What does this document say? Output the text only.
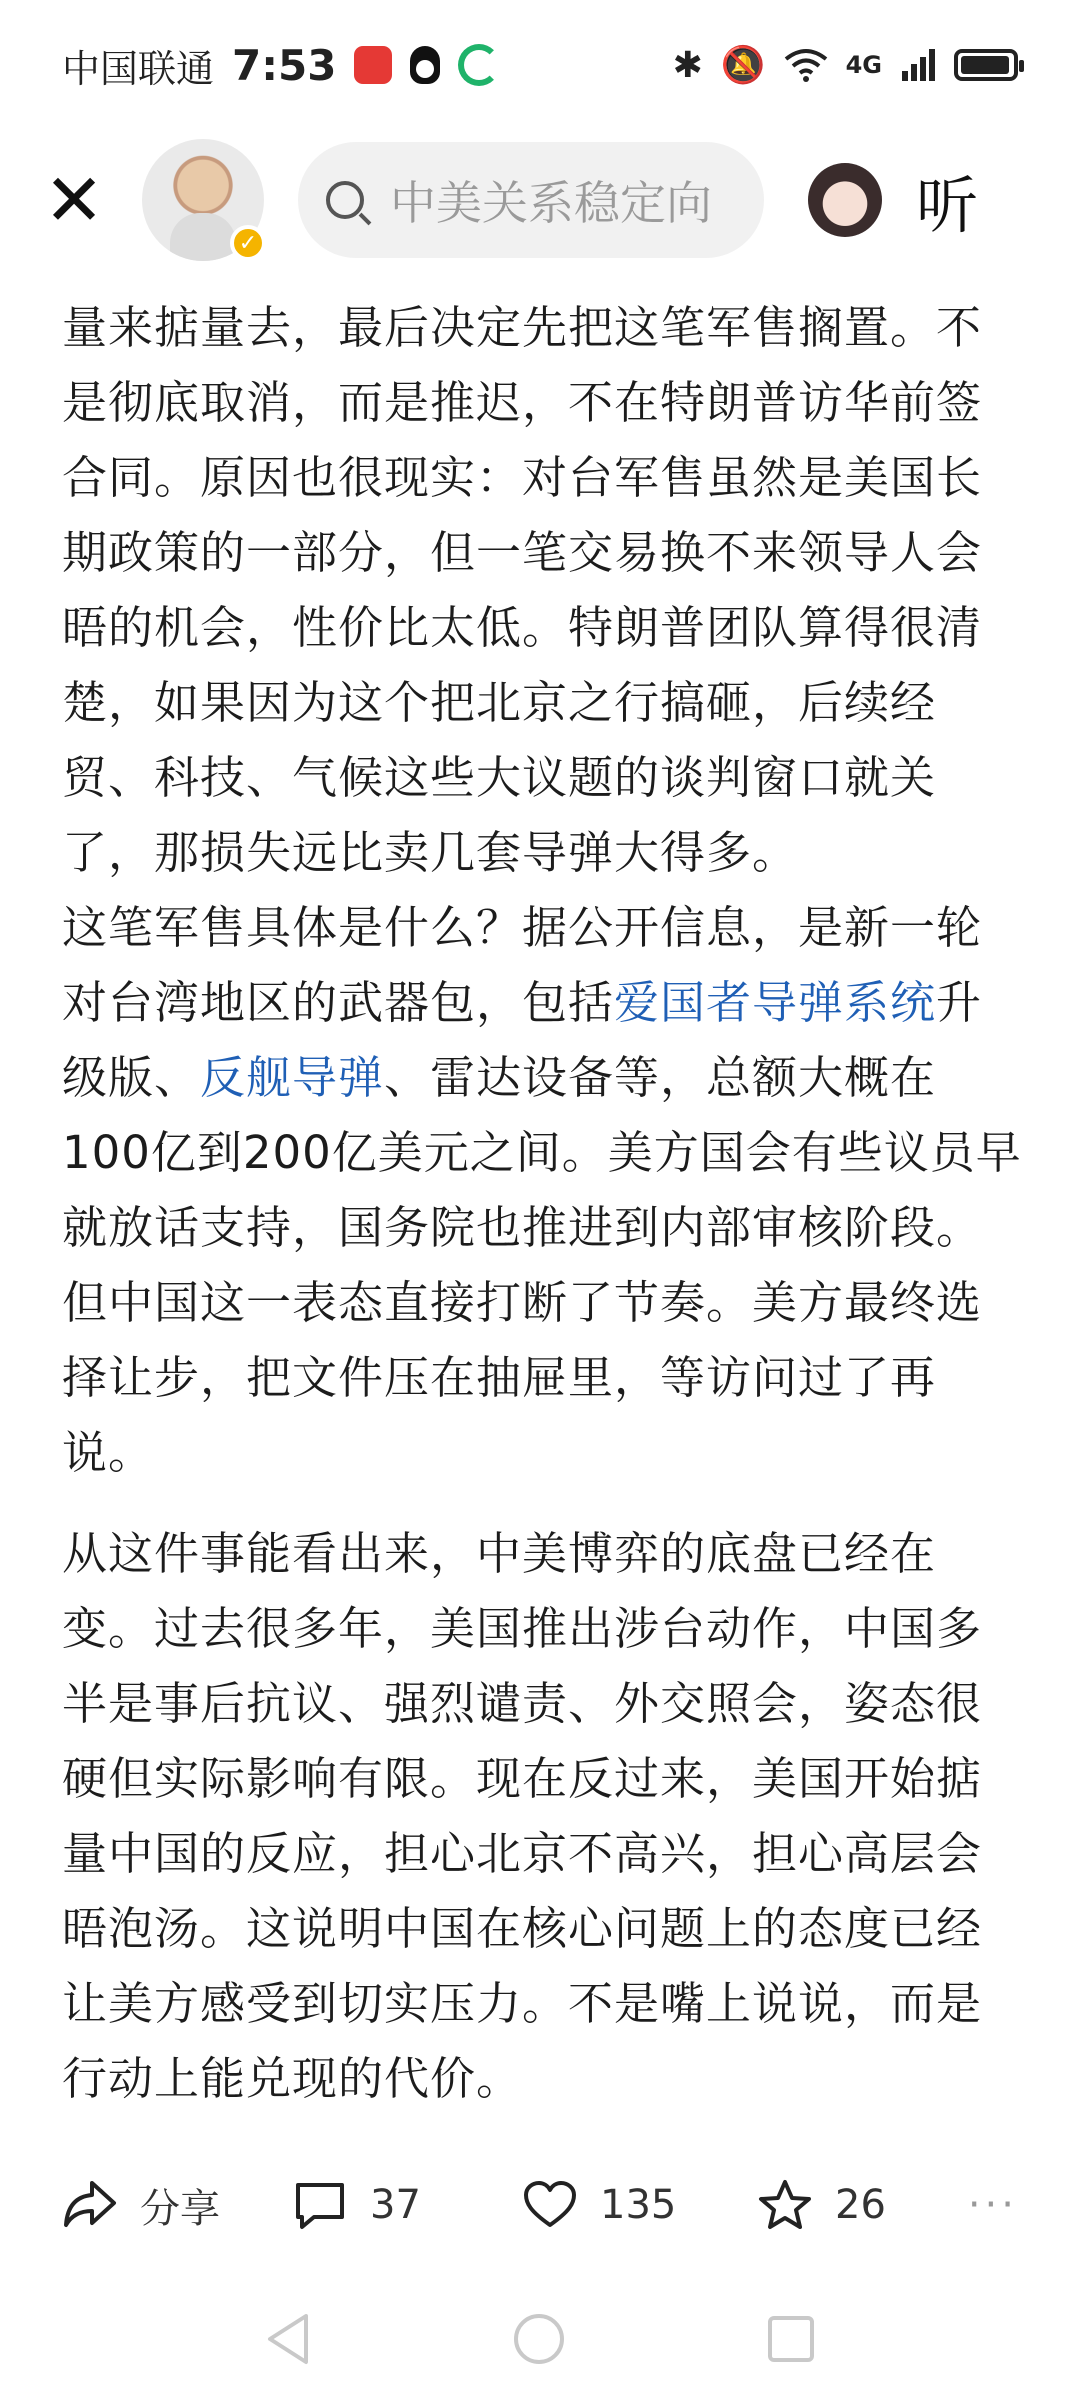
中国联通 7:53	✱ 🔕	4G
✕
✓
中美关系稳定向	听

量来掂量去，最后决定先把这笔军售搁置。不是彻底取消，而是推迟，不在特朗普访华前签合同。原因也很现实：对台军售虽然是美国长期政策的一部分，但一笔交易换不来领导人会晤的机会，性价比太低。特朗普团队算得很清楚，如果因为这个把北京之行搞砸，后续经贸、科技、气候这些大议题的谈判窗口就关了，那损失远比卖几套导弹大得多。

这笔军售具体是什么？据公开信息，是新一轮对台湾地区的武器包，包括爱国者导弹系统升级版、反舰导弹、雷达设备等，总额大概在100亿到200亿美元之间。美方国会有些议员早就放话支持，国务院也推进到内部审核阶段。但中国这一表态直接打断了节奏。美方最终选择让步，把文件压在抽屉里，等访问过了再说。

从这件事能看出来，中美博弈的底盘已经在变。过去很多年，美国推出涉台动作，中国多半是事后抗议、强烈谴责、外交照会，姿态很硬但实际影响有限。现在反过来，美国开始掂量中国的反应，担心北京不高兴，担心高层会晤泡汤。这说明中国在核心问题上的态度已经让美方感受到切实压力。不是嘴上说说，而是行动上能兑现的代价。

分享	37	135	26 ···
